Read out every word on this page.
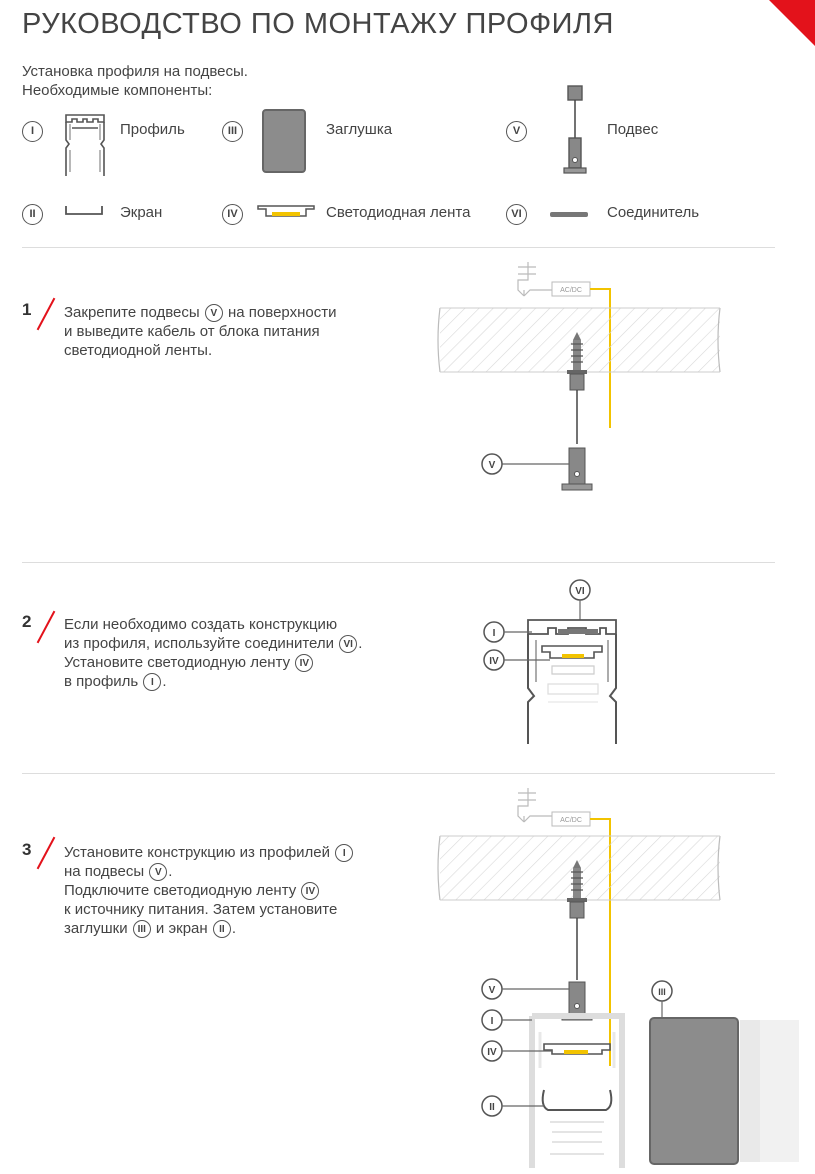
РУКОВОДСТВО ПО МОНТАЖУ ПРОФИЛЯ
Установка профиля на подвесы.
Необходимые компоненты:
I	Профиль	III	Заглушка	V	Подвес
II	Экран	IV	Светодиодная лента	VI	Соединитель
1 Закрепите подвесы V на поверхности
и выведите кабель от блока питания
светодиодной ленты.
AC/DC
V
2 Если необходимо создать конструкцию
из профиля, используйте соединители VI .
Установите светодиодную ленту IV
в профиль I .
VI
I
IV
3 Установите конструкцию из профилей I
на подвесы V .
Подключите светодиодную ленту IV
к источнику питания. Затем установите
заглушки III и экран II .
AC/DC
V
I
IV
II
III
